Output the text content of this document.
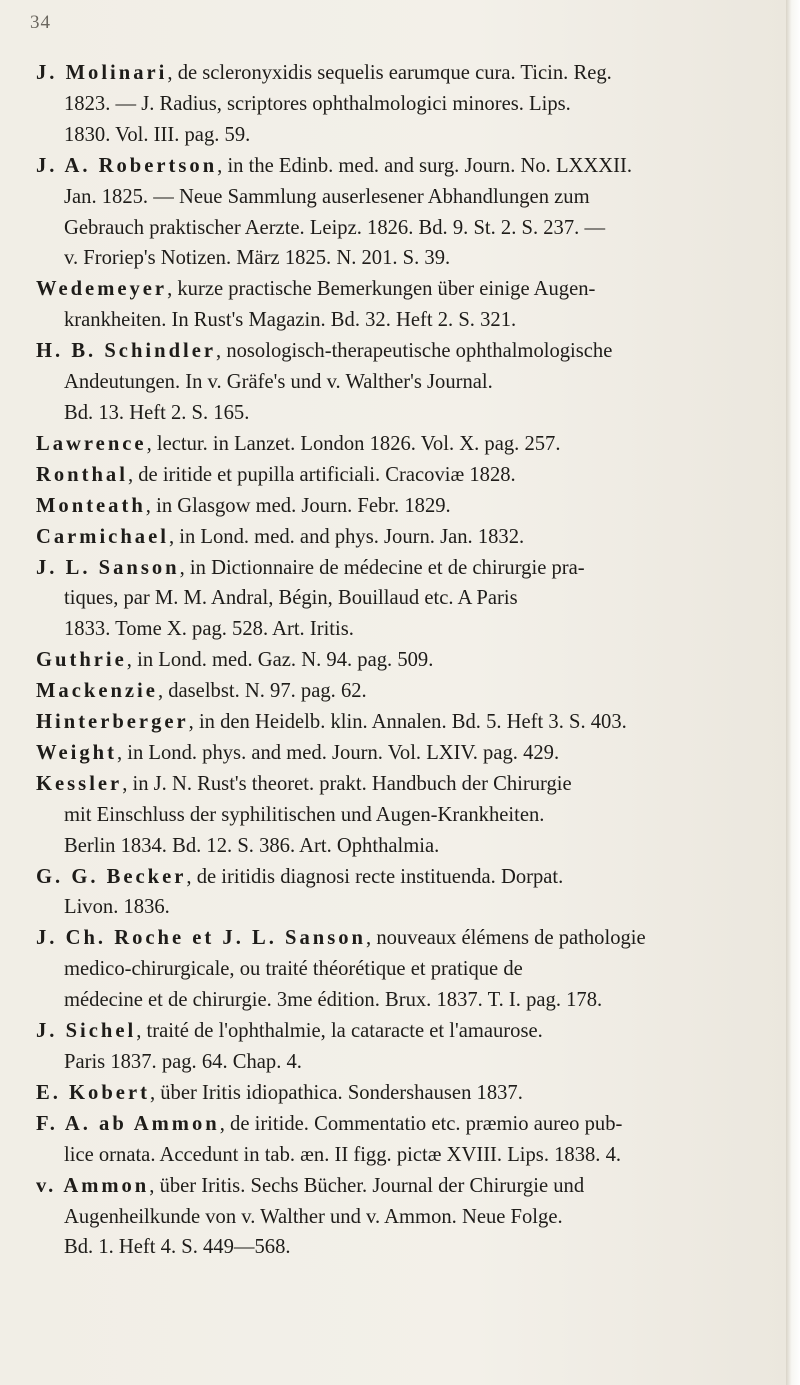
34
J. Molinari, de scleronyxidis sequelis earumque cura. Ticin. Reg.
1823. — J. Radius, scriptores ophthalmologici minores. Lips.
1830. Vol. III. pag. 59.
J. A. Robertson, in the Edinb. med. and surg. Journ. No. LXXXII.
Jan. 1825. — Neue Sammlung auserlesener Abhandlungen zum
Gebrauch praktischer Aerzte. Leipz. 1826. Bd. 9. St. 2. S. 237. —
v. Froriep's Notizen. März 1825. N. 201. S. 39.
Wedemeyer, kurze practische Bemerkungen über einige Augen-
krankheiten. In Rust's Magazin. Bd. 32. Heft 2. S. 321.
H. B. Schindler, nosologisch-therapeutische ophthalmologische
Andeutungen. In v. Gräfe's und v. Walther's Journal.
Bd. 13. Heft 2. S. 165.
Lawrence, lectur. in Lanzet. London 1826. Vol. X. pag. 257.
Ronthal, de iritide et pupilla artificiali. Cracoviæ 1828.
Monteath, in Glasgow med. Journ. Febr. 1829.
Carmichael, in Lond. med. and phys. Journ. Jan. 1832.
J. L. Sanson, in Dictionnaire de médecine et de chirurgie pra-
tiques, par M. M. Andral, Bégin, Bouillaud etc. A Paris
1833. Tome X. pag. 528. Art. Iritis.
Guthrie, in Lond. med. Gaz. N. 94. pag. 509.
Mackenzie, daselbst. N. 97. pag. 62.
Hinterberger, in den Heidelb. klin. Annalen. Bd. 5. Heft 3. S. 403.
Weight, in Lond. phys. and med. Journ. Vol. LXIV. pag. 429.
Kessler, in J. N. Rust's theoret. prakt. Handbuch der Chirurgie
mit Einschluss der syphilitischen und Augen-Krankheiten.
Berlin 1834. Bd. 12. S. 386. Art. Ophthalmia.
G. G. Becker, de iritidis diagnosi recte instituenda. Dorpat.
Livon. 1836.
J. Ch. Roche et J. L. Sanson, nouveaux élémens de pathologie
medico-chirurgicale, ou traité théorétique et pratique de
médecine et de chirurgie. 3me édition. Brux. 1837. T. I. pag. 178.
J. Sichel, traité de l'ophthalmie, la cataracte et l'amaurose.
Paris 1837. pag. 64. Chap. 4.
E. Kobert, über Iritis idiopathica. Sondershausen 1837.
F. A. ab Ammon, de iritide. Commentatio etc. præmio aureo pub-
lice ornata. Accedunt in tab. æn. II figg. pictæ XVIII. Lips. 1838. 4.
v. Ammon, über Iritis. Sechs Bücher. Journal der Chirurgie und
Augenheilkunde von v. Walther und v. Ammon. Neue Folge.
Bd. 1. Heft 4. S. 449—568.
